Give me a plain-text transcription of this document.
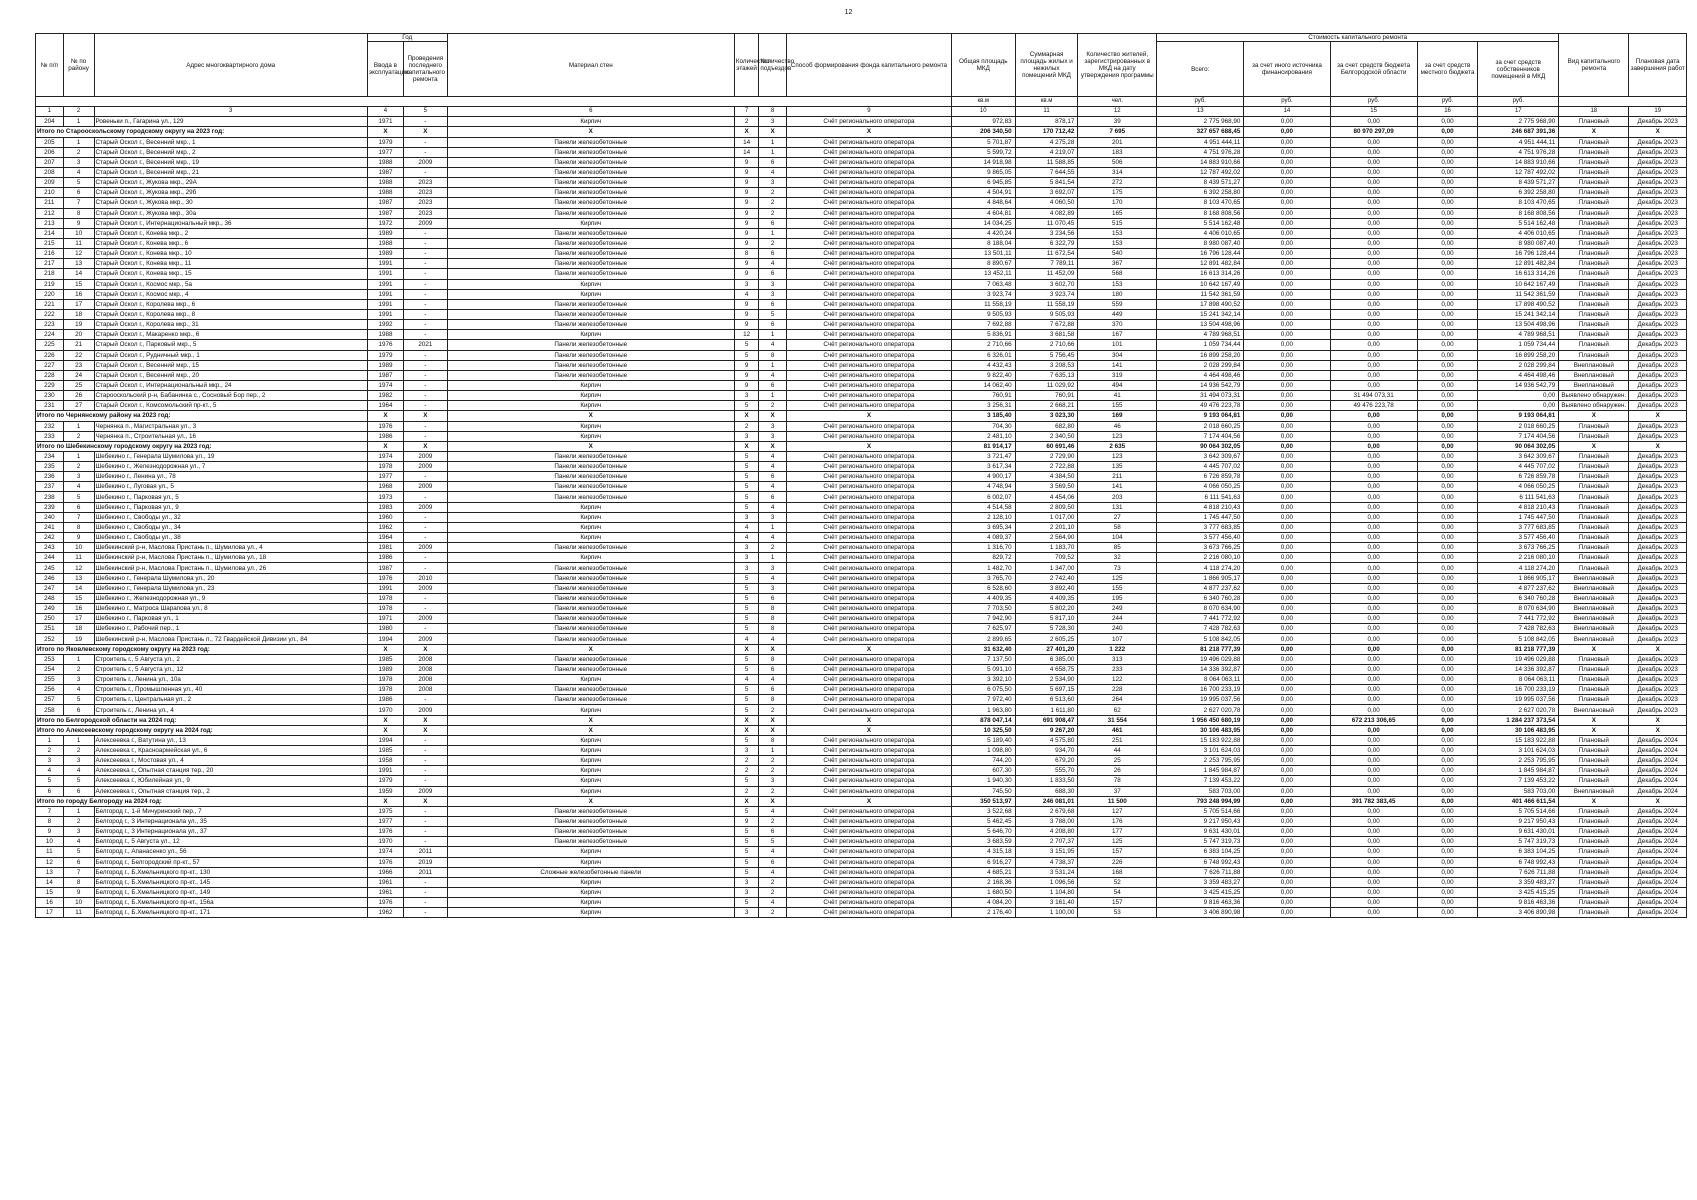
12
№ п/п	№ по району	Адрес многоквартирного дома	Год		Материал стен	Количество этажей	Количество подъездов	Способ формирования фонда капитального ремонта	Общая площадь МКД	Суммарная площадь жилых и нежилых помещений МКД	Количество жителей, зарегистрированных в МКД на дату утверждения программы	Стоимость капитального ремонта					Вид капитального ремонта	Плановая дата завершения работ
			Ввода в эксплуатацию	Проведения последнего капитального ремонта								Всего:	за счет иного источника финансирования	за счет средств бюджета Белгородской области	за счет средств местного бюджета	за счет средств собственников помещений в МКД		
									кв.м	кв.м	чел.	руб.	руб.	руб.	руб.	руб.		
1	2	3	4	5	6	7	8	9	10	11	12	13	14	15	16	17	18	19
204	1	Ровеньки п., Гагарина ул., 129	1971	-	Кирпич	2	3	Счёт регионального оператора	972,83	878,17	39	2 775 968,90	0,00	0,00	0,00	2 775 968,90	Плановый	Декабрь 2023
Итого по Старооскольскому городскому округу на 2023 год:			X	X	X	X	X	X	206 340,50	170 712,42	7 695	327 657 688,45	0,00	80 970 297,09	0,00	246 687 391,36	X	X
205	1	Старый Оскол г., Весенний мкр., 1	1979	-	Панели железобетонные	14	1	Счёт регионального оператора	5 701,87	4 275,28	201	4 951 444,11	0,00	0,00	0,00	4 951 444,11	Плановый	Декабрь 2023
206	2	Старый Оскол г., Весенний мкр., 2	1977	-	Панели железобетонные	14	1	Счёт регионального оператора	5 599,72	4 219,07	183	4 751 976,28	0,00	0,00	0,00	4 751 976,28	Плановый	Декабрь 2023
207	3	Старый Оскол г., Весенний мкр., 19	1988	2009	Панели железобетонные	9	6	Счёт регионального оператора	14 918,98	11 588,85	506	14 883 910,66	0,00	0,00	0,00	14 883 910,66	Плановый	Декабрь 2023
208	4	Старый Оскол г., Весенний мкр., 21	1987	-	Панели железобетонные	9	4	Счёт регионального оператора	9 865,05	7 644,55	314	12 787 492,02	0,00	0,00	0,00	12 787 492,02	Плановый	Декабрь 2023
209	5	Старый Оскол г., Жукова мкр., 29А	1988	2023	Панели железобетонные	9	3	Счёт регионального оператора	6 945,85	5 841,54	272	8 439 571,27	0,00	0,00	0,00	8 439 571,27	Плановый	Декабрь 2023
210	6	Старый Оскол г., Жукова мкр., 29б	1988	2023	Панели железобетонные	9	2	Счёт регионального оператора	4 504,91	3 692,07	175	6 392 258,80	0,00	0,00	0,00	6 392 258,80	Плановый	Декабрь 2023
211	7	Старый Оскол г., Жукова мкр., 30	1987	2023	Панели железобетонные	9	2	Счёт регионального оператора	4 848,64	4 060,50	170	8 103 470,65	0,00	0,00	0,00	8 103 470,65	Плановый	Декабрь 2023
212	8	Старый Оскол г., Жукова мкр., 30а	1987	2023	Панели железобетонные	9	2	Счёт регионального оператора	4 604,81	4 082,89	165	8 168 808,56	0,00	0,00	0,00	8 168 808,56	Плановый	Декабрь 2023
213	9	Старый Оскол г., Интернациональный мкр., 36	1972	2009	Кирпич	9	6	Счёт регионального оператора	14 034,25	11 070,45	515	5 514 162,48	0,00	0,00	0,00	5 514 162,48	Плановый	Декабрь 2023
214	10	Старый Оскол г., Конева мкр., 2	1989	-	Панели железобетонные	9	1	Счёт регионального оператора	4 420,24	3 234,56	153	4 406 010,65	0,00	0,00	0,00	4 406 010,65	Плановый	Декабрь 2023
215	11	Старый Оскол г., Конева мкр., 6	1988	-	Панели железобетонные	9	2	Счёт регионального оператора	8 188,04	6 322,79	153	8 980 087,40	0,00	0,00	0,00	8 980 087,40	Плановый	Декабрь 2023
216	12	Старый Оскол г., Конева мкр., 10	1989	-	Панели железобетонные	8	6	Счёт регионального оператора	13 501,11	11 672,54	540	16 796 128,44	0,00	0,00	0,00	16 796 128,44	Плановый	Декабрь 2023
217	13	Старый Оскол г., Конева мкр., 11	1991	-	Панели железобетонные	9	4	Счёт регионального оператора	8 890,67	7 789,11	367	12 891 482,84	0,00	0,00	0,00	12 891 482,84	Плановый	Декабрь 2023
218	14	Старый Оскол г., Конева мкр., 15	1991	-	Панели железобетонные	9	6	Счёт регионального оператора	13 452,11	11 452,09	568	16 613 314,26	0,00	0,00	0,00	16 613 314,26	Плановый	Декабрь 2023
219	15	Старый Оскол г., Космос мкр., 5а	1991	-	Кирпич	3	3	Счёт регионального оператора	7 063,48	3 602,70	153	10 642 167,49	0,00	0,00	0,00	10 642 167,49	Плановый	Декабрь 2023
220	16	Старый Оскол г., Космос мкр., 4	1991	-	Кирпич	4	3	Счёт регионального оператора	3 923,74	3 923,74	180	11 542 361,59	0,00	0,00	0,00	11 542 361,59	Плановый	Декабрь 2023
221	17	Старый Оскол г., Королева мкр., 6	1991	-	Панели железобетонные	9	6	Счёт регионального оператора	11 558,19	11 558,19	559	17 898 490,52	0,00	0,00	0,00	17 898 490,52	Плановый	Декабрь 2023
222	18	Старый Оскол г., Королева мкр., 8	1991	-	Панели железобетонные	9	5	Счёт регионального оператора	9 505,93	9 505,93	449	15 241 342,14	0,00	0,00	0,00	15 241 342,14	Плановый	Декабрь 2023
223	19	Старый Оскол г., Королева мкр., 31	1992	-	Панели железобетонные	9	6	Счёт регионального оператора	7 692,88	7 672,88	370	13 504 498,96	0,00	0,00	0,00	13 504 498,96	Плановый	Декабрь 2023
224	20	Старый Оскол г., Макаренко мкр., 6	1988	-	Кирпич	12	1	Счёт регионального оператора	5 836,91	3 681,58	167	4 789 968,51	0,00	0,00	0,00	4 789 968,51	Плановый	Декабрь 2023
225	21	Старый Оскол г., Парковый мкр., 5	1976	2021	Панели железобетонные	5	4	Счёт регионального оператора	2 710,66	2 710,66	101	1 059 734,44	0,00	0,00	0,00	1 059 734,44	Плановый	Декабрь 2023
226	22	Старый Оскол г., Рудничный мкр., 1	1979	-	Панели железобетонные	5	8	Счёт регионального оператора	6 326,01	5 756,45	304	16 899 258,20	0,00	0,00	0,00	16 899 258,20	Плановый	Декабрь 2023
227	23	Старый Оскол г., Весенний мкр., 15	1989	-	Панели железобетонные	9	1	Счёт регионального оператора	4 432,43	3 208,53	141	2 028 299,84	0,00	0,00	0,00	2 028 299,84	Внеплановый	Декабрь 2023
228	24	Старый Оскол г., Весенний мкр., 20	1987	-	Панели железобетонные	9	4	Счёт регионального оператора	9 822,40	7 635,13	319	4 464 498,46	0,00	0,00	0,00	4 464 498,46	Внеплановый	Декабрь 2023
229	25	Старый Оскол г., Интернациональный мкр., 24	1974	-	Кирпич	9	6	Счёт регионального оператора	14 062,40	11 029,92	494	14 936 542,79	0,00	0,00	0,00	14 936 542,79	Внеплановый	Декабрь 2023
230	26	Старооскольский р-н, Бабанинка с., Сосновый Бор пер., 2	1982	-	Кирпич	3	1	Счёт регионального оператора	760,91	760,91	41	31 494 073,31	0,00	31 494 073,31	0,00	0,00	Выявлено обнаружен.	Декабрь 2023
231	27	Старый Оскол г., Комсомольский пр-кт., 5	1964	-	Кирпич	5	2	Счёт регионального оператора	3 256,31	2 668,21	155	49 476 223,78	0,00	49 476 223,78	0,00	0,00	Выявлено обнаружен.	Декабрь 2023
Итого по Чернянскому району на 2023 год:			X	X	X	X	X	X	3 185,40	3 023,30	169	9 193 064,81	0,00	0,00	0,00	9 193 064,81	X	X
232	1	Чернянка п., Магистральная ул., 3	1976	-	Кирпич	2	3	Счёт регионального оператора	704,30	682,80	46	2 018 660,25	0,00	0,00	0,00	2 018 660,25	Плановый	Декабрь 2023
233	2	Чернянка п., Строительная ул., 16	1986	-	Кирпич	3	3	Счёт регионального оператора	2 481,10	2 340,50	123	7 174 404,56	0,00	0,00	0,00	7 174 404,56	Плановый	Декабрь 2023
Итого по Шебекинскому городскому округу на 2023 год:			X	X	X	X	X	X	81 914,17	60 691,46	2 635	90 064 302,05	0,00	0,00	0,00	90 064 302,05	X	X
234	1	Шебекино г., Генерала Шумилова ул., 19	1974	2009	Панели железобетонные	5	4	Счёт регионального оператора	3 721,47	2 729,90	123	3 642 309,67	0,00	0,00	0,00	3 642 309,67	Плановый	Декабрь 2023
235	2	Шебекино г., Железнодорожная ул., 7	1978	2009	Панели железобетонные	5	4	Счёт регионального оператора	3 617,34	2 722,88	135	4 445 707,02	0,00	0,00	0,00	4 445 707,02	Плановый	Декабрь 2023
236	3	Шебекино г., Ленина ул., 78	1977	-	Панели железобетонные	5	6	Счёт регионального оператора	4 900,17	4 384,50	211	6 726 859,78	0,00	0,00	0,00	6 726 859,78	Плановый	Декабрь 2023
237	4	Шебекино г., Луговая ул., 5	1968	2009	Панели железобетонные	5	4	Счёт регионального оператора	4 748,94	3 569,50	141	4 066 050,25	0,00	0,00	0,00	4 066 050,25	Плановый	Декабрь 2023
238	5	Шебекино г., Парковая ул., 5	1973	-	Панели железобетонные	5	6	Счёт регионального оператора	6 002,07	4 454,06	203	6 111 541,63	0,00	0,00	0,00	6 111 541,63	Плановый	Декабрь 2023
239	6	Шебекино г., Парковая ул., 9	1983	2009	Кирпич	5	4	Счёт регионального оператора	4 514,58	2 809,50	131	4 818 210,43	0,00	0,00	0,00	4 818 210,43	Плановый	Декабрь 2023
240	7	Шебекино г., Свободы ул., 32	1960	-	Кирпич	3	3	Счёт регионального оператора	2 128,10	1 017,00	27	1 745 447,50	0,00	0,00	0,00	1 745 447,50	Плановый	Декабрь 2023
241	8	Шебекино г., Свободы ул., 34	1962	-	Кирпич	4	1	Счёт регионального оператора	3 695,34	2 201,10	58	3 777 683,85	0,00	0,00	0,00	3 777 683,85	Плановый	Декабрь 2023
242	9	Шебекино г., Свободы ул., 38	1964	-	Кирпич	4	4	Счёт регионального оператора	4 089,37	2 564,90	104	3 577 456,40	0,00	0,00	0,00	3 577 456,40	Плановый	Декабрь 2023
243	10	Шебекинский р-н, Маслова Пристань п., Шумилова ул., 4	1981	2009	Панели железобетонные	3	2	Счёт регионального оператора	1 316,70	1 183,70	85	3 673 766,25	0,00	0,00	0,00	3 673 766,25	Плановый	Декабрь 2023
244	11	Шебекинский р-н, Маслова Пристань п., Шумилова ул., 18	1986	-	Кирпич	3	1	Счёт регионального оператора	829,72	709,52	32	2 216 080,10	0,00	0,00	0,00	2 216 080,10	Плановый	Декабрь 2023
245	12	Шебекинский р-н, Маслова Пристань п., Шумилова ул., 26	1987	-	Панели железобетонные	3	3	Счёт регионального оператора	1 482,70	1 347,00	73	4 118 274,20	0,00	0,00	0,00	4 118 274,20	Плановый	Декабрь 2023
246	13	Шебекино г., Генерала Шумилова ул., 20	1976	2010	Панели железобетонные	5	4	Счёт регионального оператора	3 765,70	2 742,40	125	1 866 905,17	0,00	0,00	0,00	1 866 905,17	Внеплановый	Декабрь 2023
247	14	Шебекино г., Генерала Шумилова ул., 23	1991	2009	Панели железобетонные	5	3	Счёт регионального оператора	6 528,60	3 892,40	155	4 877 237,62	0,00	0,00	0,00	4 877 237,62	Внеплановый	Декабрь 2023
248	15	Шебекино г., Железнодорожная ул., 9	1978	-	Панели железобетонные	5	6	Счёт регионального оператора	4 409,35	4 409,35	195	6 340 760,28	0,00	0,00	0,00	6 340 760,28	Внеплановый	Декабрь 2023
249	16	Шебекино г., Матроса Шарапова ул., 8	1978	-	Панели железобетонные	5	8	Счёт регионального оператора	7 703,50	5 802,20	249	8 070 634,90	0,00	0,00	0,00	8 070 634,90	Внеплановый	Декабрь 2023
250	17	Шебекино г., Парковая ул., 1	1971	2009	Панели железобетонные	5	8	Счёт регионального оператора	7 942,90	5 817,10	244	7 441 772,92	0,00	0,00	0,00	7 441 772,92	Внеплановый	Декабрь 2023
251	18	Шебекино г., Рабочий пер., 1	1980	-	Панели железобетонные	5	8	Счёт регионального оператора	7 625,97	5 728,30	240	7 428 782,63	0,00	0,00	0,00	7 428 782,63	Внеплановый	Декабрь 2023
252	19	Шебекинский р-н, Маслова Пристань п., 72 Гвардейской Дивизии ул., 84	1994	2009	Панели железобетонные	4	4	Счёт регионального оператора	2 899,65	2 605,25	107	5 108 842,05	0,00	0,00	0,00	5 108 842,05	Внеплановый	Декабрь 2023
Итого по Яковлевскому городскому округу на 2023 год:			X	X	X	X	X	X	31 632,40	27 401,20	1 222	81 218 777,39	0,00	0,00	0,00	81 218 777,39	X	X
253	1	Строитель г., 5 Августа ул., 2	1985	2008	Панели железобетонные	5	8	Счёт регионального оператора	7 137,50	6 385,00	313	19 496 029,88	0,00	0,00	0,00	19 496 029,88	Плановый	Декабрь 2023
254	2	Строитель г., 5 Августа ул., 12	1989	2008	Панели железобетонные	5	6	Счёт регионального оператора	5 091,10	4 658,75	233	14 336 392,87	0,00	0,00	0,00	14 336 392,87	Плановый	Декабрь 2023
255	3	Строитель г., Ленина ул., 10а	1978	2008	Кирпич	4	4	Счёт регионального оператора	3 392,10	2 534,90	122	8 064 063,11	0,00	0,00	0,00	8 064 063,11	Плановый	Декабрь 2023
256	4	Строитель г., Промышленная ул., 40	1978	2008	Панели железобетонные	5	6	Счёт регионального оператора	6 075,50	5 697,15	228	16 700 233,19	0,00	0,00	0,00	16 700 233,19	Плановый	Декабрь 2023
257	5	Строитель г., Центральная ул., 2	1986	-	Панели железобетонные	5	8	Счёт регионального оператора	7 972,40	6 513,60	264	19 995 037,56	0,00	0,00	0,00	19 995 037,56	Плановый	Декабрь 2023
258	6	Строитель г., Ленина ул., 4	1970	2009	Кирпич	5	2	Счёт регионального оператора	1 963,80	1 611,80	62	2 627 020,78	0,00	0,00	0,00	2 627 020,78	Внеплановый	Декабрь 2023
Итого по Белгородской области на 2024 год:			X	X	X	X	X	X	878 047,14	691 908,47	31 554	1 956 450 680,19	0,00	672 213 306,65	0,00	1 284 237 373,54	X	X
Итого по Алексеевскому городскому округу на 2024 год:			X	X	X	X	X	X	10 325,50	9 267,20	461	30 106 483,95	0,00	0,00	0,00	30 106 483,95	X	X
1	1	Алексеевка г., Ватутина ул., 13	1994	-	Кирпич	5	8	Счёт регионального оператора	5 189,40	4 575,80	251	15 183 922,88	0,00	0,00	0,00	15 183 922,88	Плановый	Декабрь 2024
2	2	Алексеевка г., Красноармейская ул., 6	1985	-	Кирпич	3	1	Счёт регионального оператора	1 098,80	934,70	44	3 101 624,03	0,00	0,00	0,00	3 101 624,03	Плановый	Декабрь 2024
3	3	Алексеевка г., Мостовая ул., 4	1958	-	Кирпич	2	2	Счёт регионального оператора	744,20	679,20	25	2 253 795,95	0,00	0,00	0,00	2 253 795,95	Плановый	Декабрь 2024
4	4	Алексеевка г., Опытная станция тер., 20	1991	-	Кирпич	2	2	Счёт регионального оператора	607,30	555,70	26	1 845 984,87	0,00	0,00	0,00	1 845 984,87	Плановый	Декабрь 2024
5	5	Алексеевка г., Юбилейная ул., 9	1979	-	Кирпич	5	3	Счёт регионального оператора	1 940,30	1 833,50	78	7 139 453,22	0,00	0,00	0,00	7 139 453,22	Плановый	Декабрь 2024
6	6	Алексеевка г., Опытная станция тер., 2	1959	2009	Кирпич	2	2	Счёт регионального оператора	745,50	688,30	37	583 703,00	0,00	0,00	0,00	583 703,00	Внеплановый	Декабрь 2024
Итого по городу Белгороду на 2024 год:			X	X	X	X	X	X	350 513,97	246 081,01	11 500	793 248 994,99	0,00	391 782 383,45	0,00	401 466 611,54	X	X
7	1	Белгород г., 1-й Мичуринский пер., 7	1975	-	Панели железобетонные	5	4	Счёт регионального оператора	3 522,68	2 679,68	127	5 705 514,66	0,00	0,00	0,00	5 705 514,66	Плановый	Декабрь 2024
8	2	Белгород г., 3 Интернационала ул., 35	1977	-	Панели железобетонные	9	2	Счёт регионального оператора	5 462,45	3 788,00	176	9 217 950,43	0,00	0,00	0,00	9 217 950,43	Плановый	Декабрь 2024
9	3	Белгород г., 3 Интернационала ул., 37	1976	-	Панели железобетонные	5	6	Счёт регионального оператора	5 646,70	4 208,80	177	9 631 430,01	0,00	0,00	0,00	9 631 430,01	Плановый	Декабрь 2024
10	4	Белгород г., 5 Августа ул., 12	1970	-	Панели железобетонные	5	5	Счёт регионального оператора	3 683,59	2 707,37	125	5 747 319,73	0,00	0,00	0,00	5 747 319,73	Плановый	Декабрь 2024
11	5	Белгород г., Апанасенко ул., 56	1974	2011	Кирпич	5	4	Счёт регионального оператора	4 315,18	3 151,95	157	6 383 104,25	0,00	0,00	0,00	6 383 104,25	Плановый	Декабрь 2024
12	6	Белгород г., Белгородский пр-кт., 57	1976	2019	Кирпич	5	6	Счёт регионального оператора	6 916,27	4 738,37	226	6 748 992,43	0,00	0,00	0,00	6 748 992,43	Плановый	Декабрь 2024
13	7	Белгород г., Б.Хмельницкого пр-кт., 130	1966	2011	Сложные железобетонные панели	5	4	Счёт регионального оператора	4 685,21	3 531,24	168	7 626 711,88	0,00	0,00	0,00	7 626 711,88	Плановый	Декабрь 2024
14	8	Белгород г., Б.Хмельницкого пр-кт., 145	1961	-	Кирпич	3	2	Счёт регионального оператора	2 168,36	1 096,56	52	3 359 483,27	0,00	0,00	0,00	3 359 483,27	Плановый	Декабрь 2024
15	9	Белгород г., Б.Хмельницкого пр-кт., 149	1961	-	Кирпич	3	2	Счёт регионального оператора	1 680,50	1 104,80	54	3 425 415,25	0,00	0,00	0,00	3 425 415,25	Плановый	Декабрь 2024
16	10	Белгород г., Б.Хмельницкого пр-кт., 156а	1976	-	Кирпич	5	4	Счёт регионального оператора	4 084,20	3 161,40	157	9 816 463,36	0,00	0,00	0,00	9 816 463,36	Плановый	Декабрь 2024
17	11	Белгород г., Б.Хмельницкого пр-кт., 171	1962	-	Кирпич	3	2	Счёт регионального оператора	2 176,40	1 100,00	53	3 406 890,98	0,00	0,00	0,00	3 406 890,98	Плановый	Декабрь 2024
